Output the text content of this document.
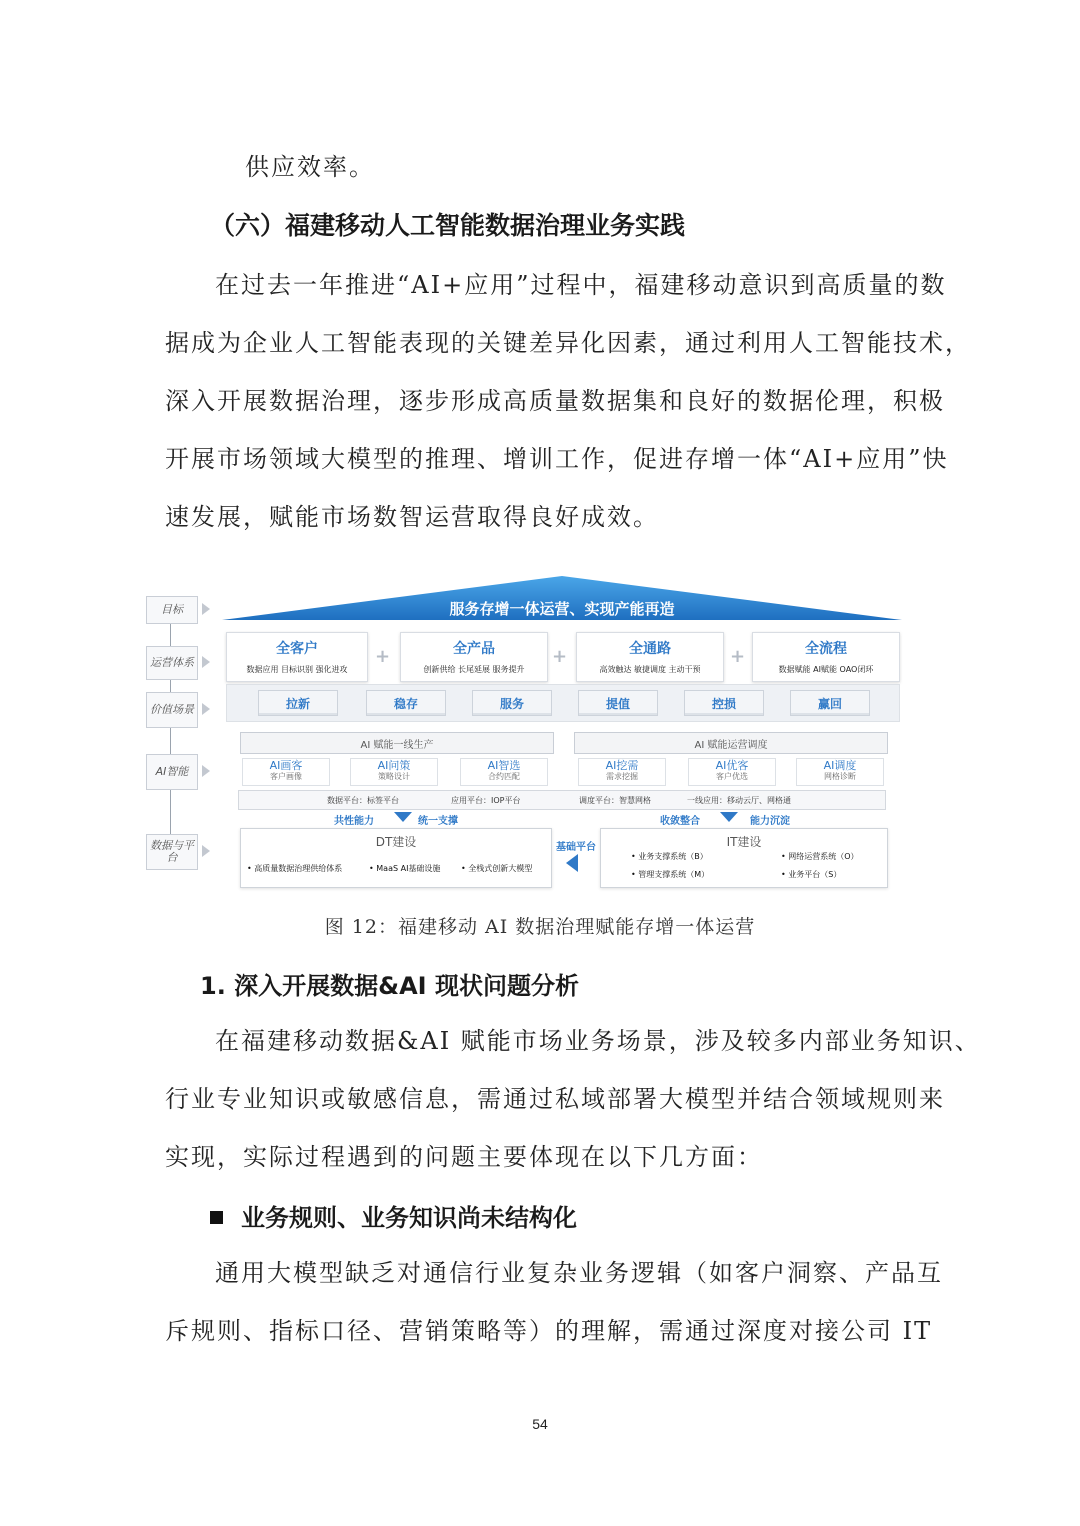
供应效率。

（六）福建移动人工智能数据治理业务实践
在过去一年推进“AI+应用”过程中，福建移动意识到高质量的数
据成为企业人工智能表现的关键差异化因素，通过利用人工智能技术，
深入开展数据治理，逐步形成高质量数据集和良好的数据伦理，积极
开展市场领域大模型的推理、增训工作，促进存增一体“AI+应用”快
速发展，赋能市场数智运营取得良好成效。
目标
运营体系
价值场景
AI智能
数据与平台
服务存增一体运营、实现产能再造
全客户
数据应用 目标识别 强化进攻
+	全产品
创新供给 长尾延展 服务提升
+	全通路
高效触达 敏捷调度 主动干预
+	全流程
数据赋能 AI赋能 OAO闭环
拉新	稳存	服务	提值	控损	赢回
AI 赋能一线生产	AI 赋能运营调度
AI画客
客户画像
AI问策
策略设计
AI智选
合约匹配
AI挖需
需求挖掘
AI优客
客户优选
AI调度
网格诊断
数据平台：标签平台	应用平台：IOP平台	调度平台：智慧网格	一线应用：移动云厅、网格通
共性能力	统一支撑	收敛整合	能力沉淀
DT建设
• 高质量数据治理供给体系	• MaaS AI基础设施	• 全栈式创新大模型
基础平台	IT建设
• 业务支撑系统（B）	• 网络运营系统（O）
• 管理支撑系统（M）	• 业务平台（S）
图 12：福建移动 AI 数据治理赋能存增一体运营
1. 深入开展数据&AI 现状问题分析
在福建移动数据&AI 赋能市场业务场景，涉及较多内部业务知识、
行业专业知识或敏感信息，需通过私域部署大模型并结合领域规则来
实现，实际过程遇到的问题主要体现在以下几方面：
业务规则、业务知识尚未结构化
通用大模型缺乏对通信行业复杂业务逻辑（如客户洞察、产品互
斥规则、指标口径、营销策略等）的理解，需通过深度对接公司 IT
54
